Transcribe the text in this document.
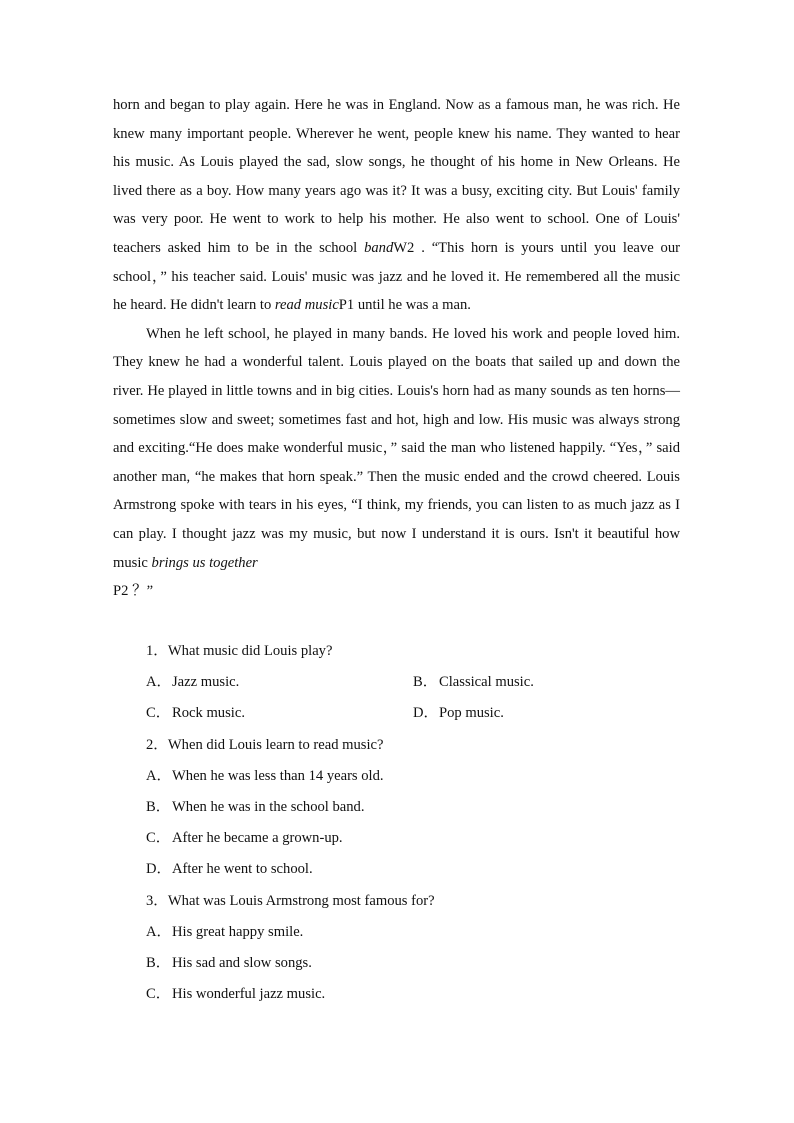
horn and began to play again. Here he was in England. Now as a famous man, he was rich. He knew many important people. Wherever he went, people knew his name. They wanted to hear his music. As Louis played the sad, slow songs, he thought of his home in New Orleans. He lived there as a boy. How many years ago was it? It was a busy, exciting city. But Louis' family was very poor. He went to work to help his mother. He also went to school. One of Louis' teachers asked him to be in the school bandW2 . “This horn is yours until you leave our school，” his teacher said. Louis' music was jazz and he loved it. He remembered all the music he heard. He didn't learn to read musicP1 until he was a man.

When he left school, he played in many bands. He loved his work and people loved him. They knew he had a wonderful talent. Louis played on the boats that sailed up and down the river. He played in little towns and in big cities. Louis's horn had as many sounds as ten horns—sometimes slow and sweet; sometimes fast and hot, high and low. His music was always strong and exciting.“He does make wonderful music，” said the man who listened happily. “Yes，” said another man, “he makes that horn speak.” Then the music ended and the crowd cheered. Louis Armstrong spoke with tears in his eyes, “I think, my friends, you can listen to as much jazz as I can play. I thought jazz was my music, but now I understand it is ours. Isn't it beautiful how music brings us together
P2 ？”

1． What music did Louis play?
A．Jazz music.	B． Classical music.
C． Rock music.	D．Pop music.
2． When did Louis learn to read music?
A． When he was less than 14 years old.
B． When he was in the school band.
C． After he became a grown-up.
D． After he went to school.
3． What was Louis Armstrong most famous for?
A． His great happy smile.
B． His sad and slow songs.
C． His wonderful jazz music.
